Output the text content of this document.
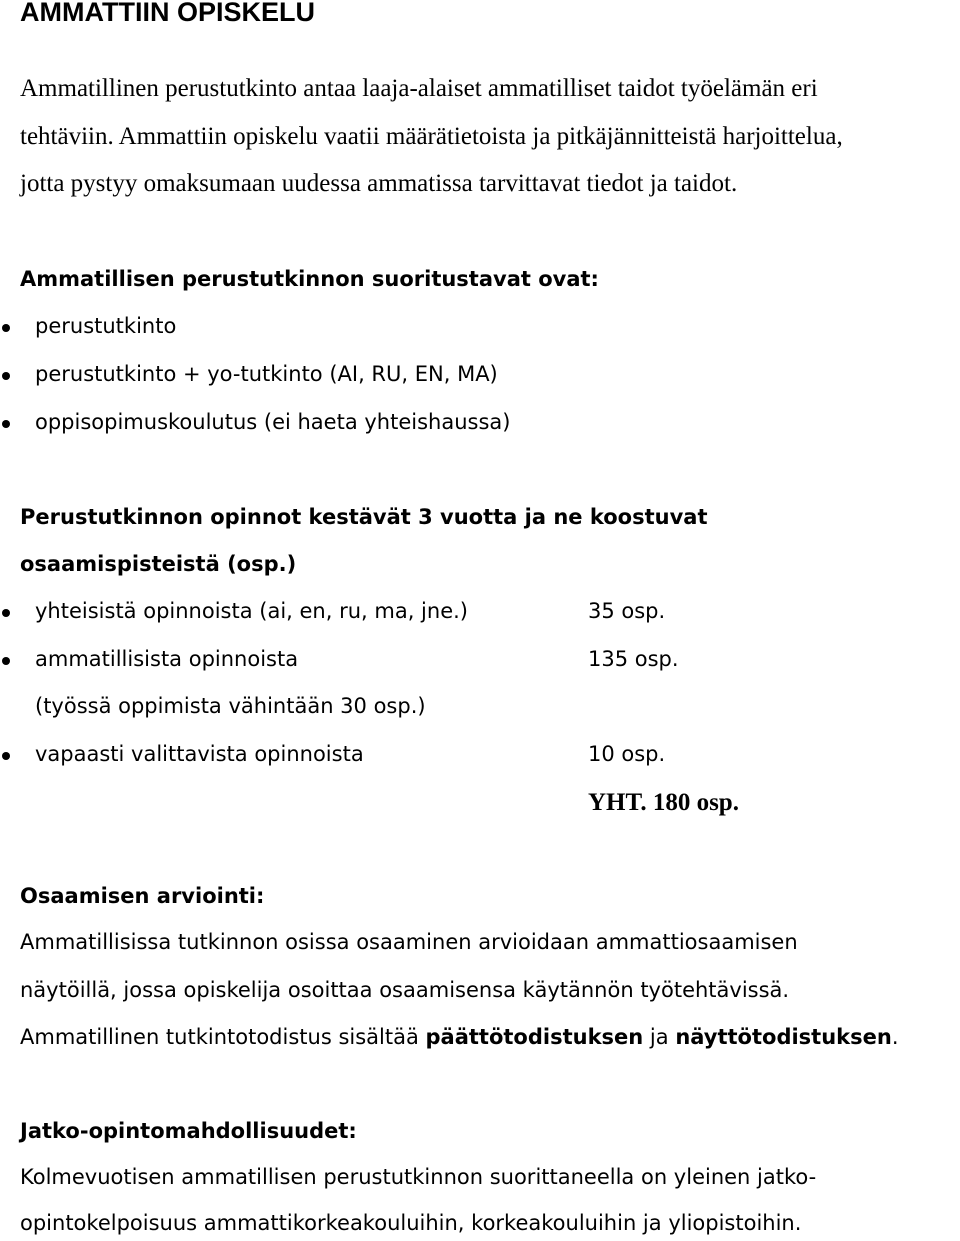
AMMATTIIN OPISKELU
Ammatillinen perustutkinto antaa laaja-alaiset ammatilliset taidot työelämän eri
tehtäviin. Ammattiin opiskelu vaatii määrätietoista ja pitkäjännitteistä harjoittelua,
jotta pystyy omaksumaan uudessa ammatissa tarvittavat tiedot ja taidot.
Ammatillisen perustutkinnon suoritustavat ovat:
perustutkinto
perustutkinto + yo-tutkinto (AI, RU, EN, MA)
oppisopimuskoulutus (ei haeta yhteishaussa)
Perustutkinnon opinnot kestävät 3 vuotta ja ne koostuvat
osaamispisteistä (osp.)
yhteisistä opinnoista (ai, en, ru, ma, jne.)	35 osp.
ammatillisista opinnoista	135 osp.
(työssä oppimista vähintään 30 osp.)
vapaasti valittavista opinnoista	10 osp.
YHT. 180 osp.
Osaamisen arviointi:
Ammatillisissa tutkinnon osissa osaaminen arvioidaan ammattiosaamisen
näytöillä, jossa opiskelija osoittaa osaamisensa käytännön työtehtävissä.
Ammatillinen tutkintotodistus sisältää päättötodistuksen ja näyttötodistuksen.
Jatko-opintomahdollisuudet:
Kolmevuotisen ammatillisen perustutkinnon suorittaneella on yleinen jatko-
opintokelpoisuus ammattikorkeakouluihin, korkeakouluihin ja yliopistoihin.
